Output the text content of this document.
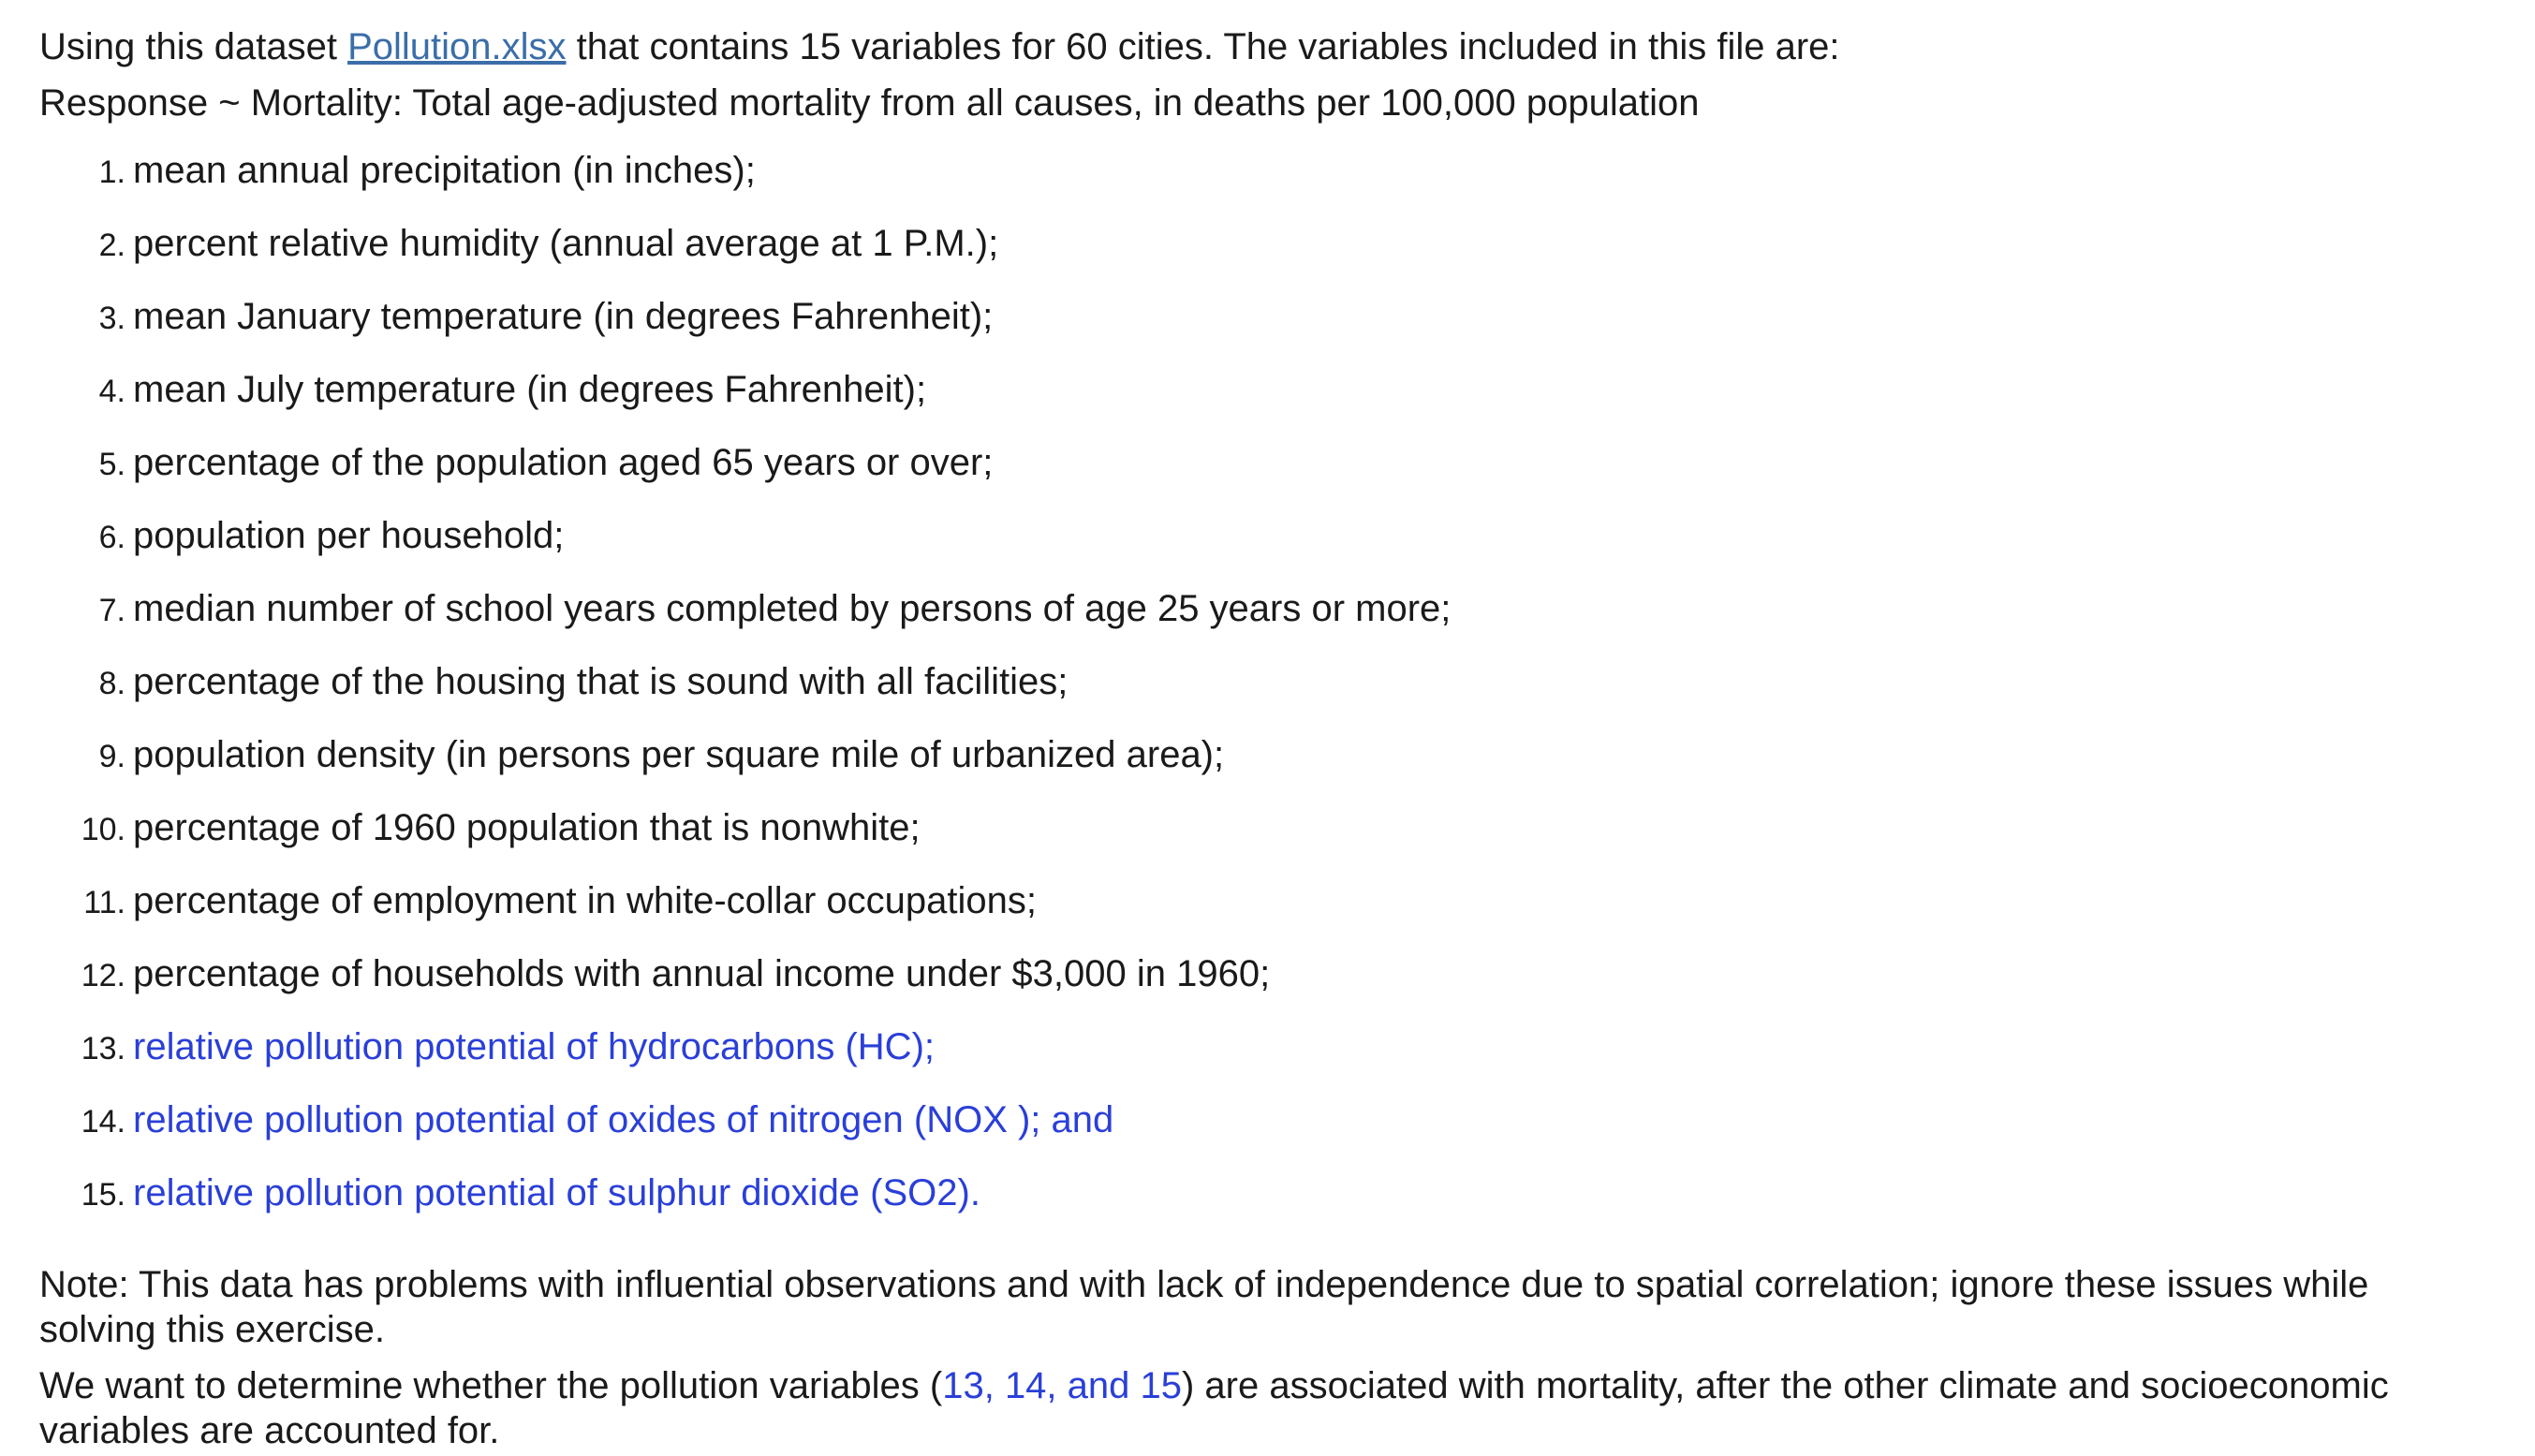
Using this dataset Pollution.xlsx that contains 15 variables for 60 cities. The variables included in this file are:

Response ~ Mortality: Total age-adjusted mortality from all causes, in deaths per 100,000 population

1. mean annual precipitation (in inches);
2. percent relative humidity (annual average at 1 P.M.);
3. mean January temperature (in degrees Fahrenheit);
4. mean July temperature (in degrees Fahrenheit);
5. percentage of the population aged 65 years or over;
6. population per household;
7. median number of school years completed by persons of age 25 years or more;
8. percentage of the housing that is sound with all facilities;
9. population density (in persons per square mile of urbanized area);
10. percentage of 1960 population that is nonwhite;
11. percentage of employment in white-collar occupations;
12. percentage of households with annual income under $3,000 in 1960;
13. relative pollution potential of hydrocarbons (HC);
14. relative pollution potential of oxides of nitrogen (NOX ); and
15. relative pollution potential of sulphur dioxide (SO2).

Note: This data has problems with influential observations and with lack of independence due to spatial correlation; ignore these issues while solving this exercise.

We want to determine whether the pollution variables (13, 14, and 15) are associated with mortality, after the other climate and socioeconomic variables are accounted for.
